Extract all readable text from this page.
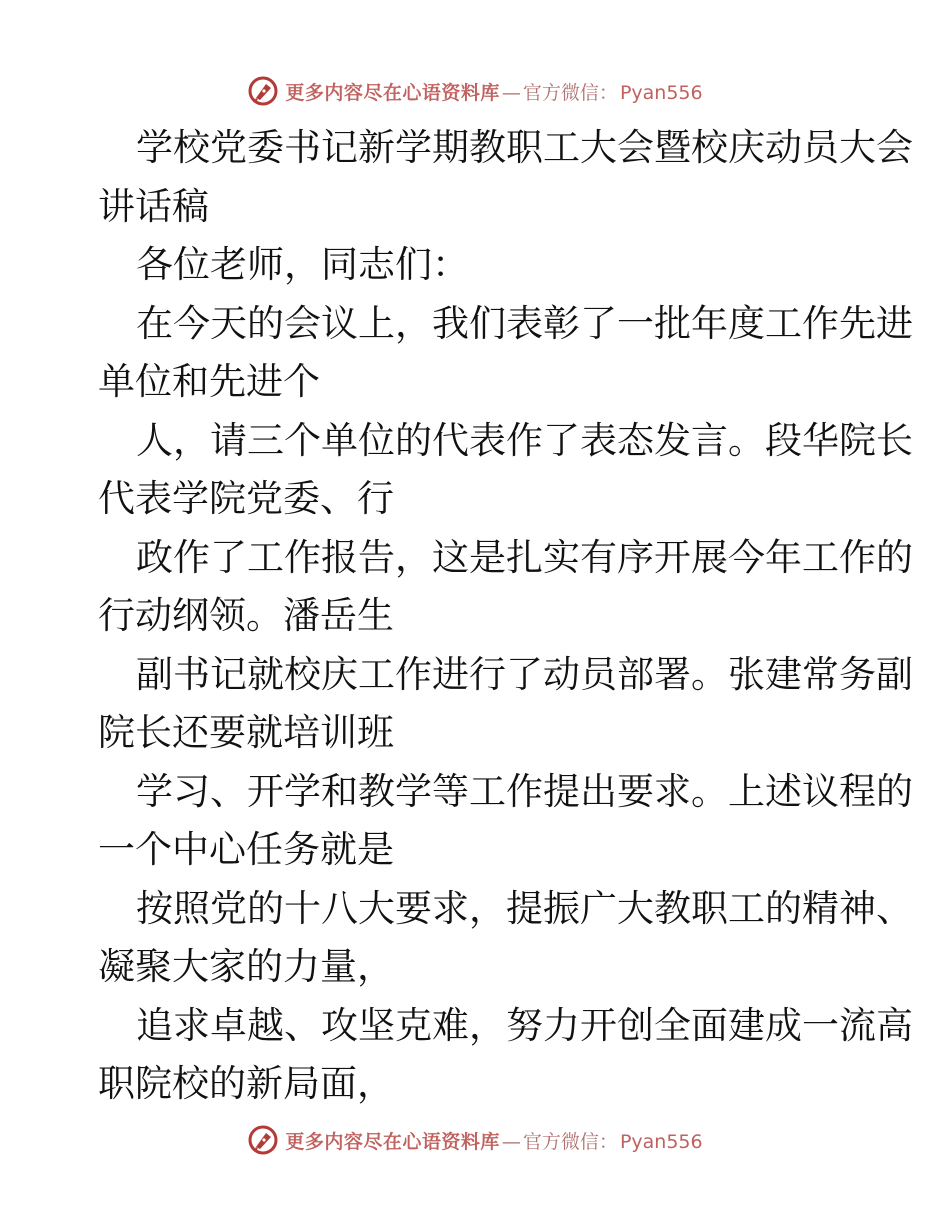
更多内容尽在心语资料库 — 官方微信： Pyan556
学校党委书记新学期教职工大会暨校庆动员大会
讲话稿
各位老师，同志们：
在今天的会议上，我们表彰了一批年度工作先进
单位和先进个
人，请三个单位的代表作了表态发言。段华院长
代表学院党委、行
政作了工作报告，这是扎实有序开展今年工作的
行动纲领。潘岳生
副书记就校庆工作进行了动员部署。张建常务副
院长还要就培训班
学习、开学和教学等工作提出要求。上述议程的
一个中心任务就是
按照党的十八大要求，提振广大教职工的精神、
凝聚大家的力量，
追求卓越、攻坚克难，努力开创全面建成一流高
职院校的新局面，
更多内容尽在心语资料库 — 官方微信： Pyan556
